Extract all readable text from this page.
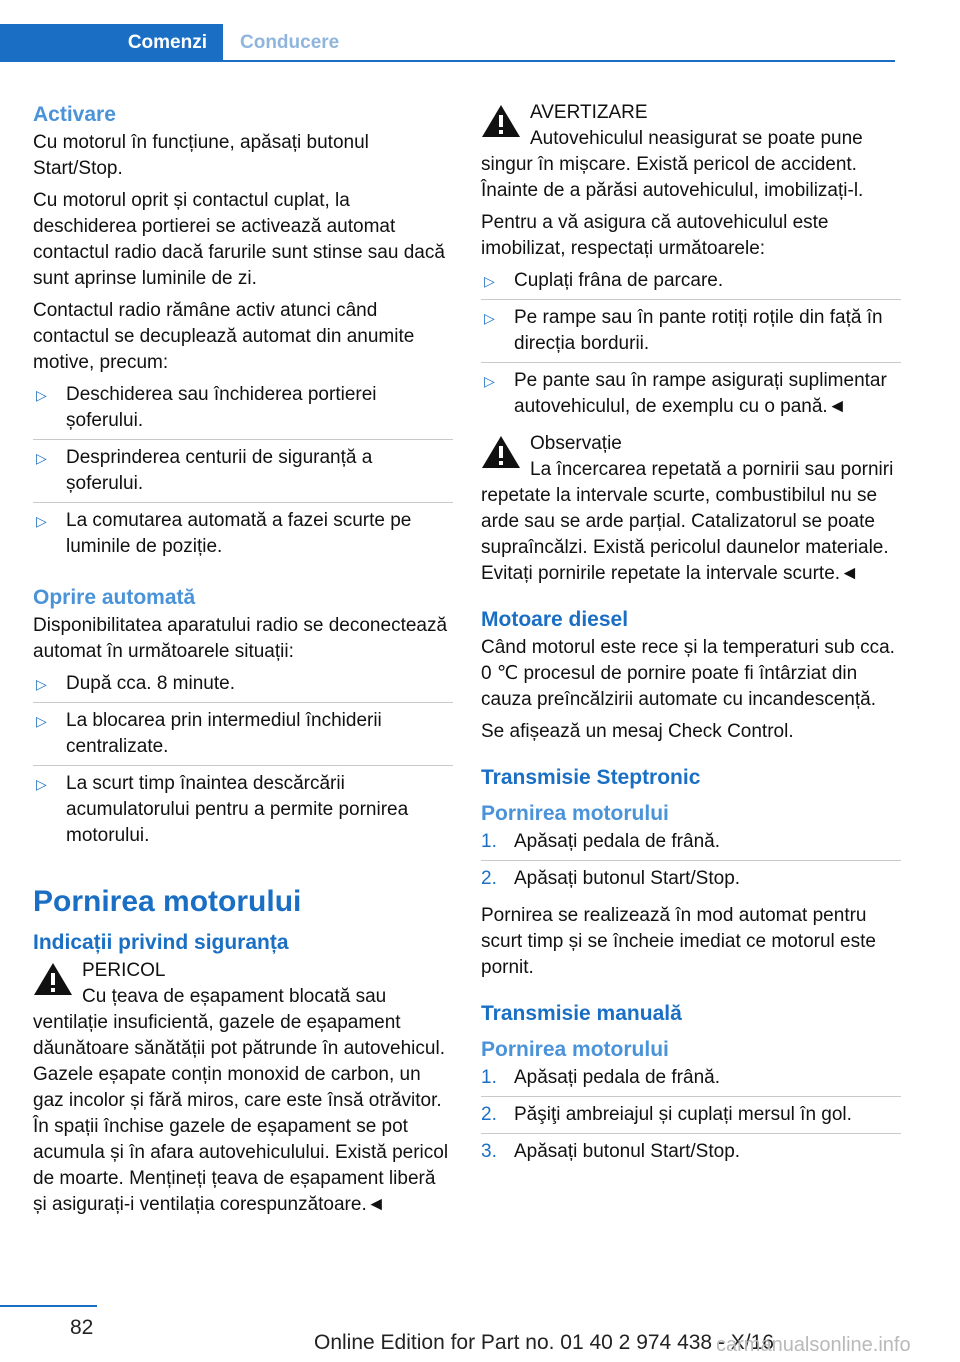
Comenzi	Conducere
Activare

Cu motorul în funcțiune, apăsați butonul Start/Stop.

Cu motorul oprit și contactul cuplat, la deschiderea portierei se activează automat contactul radio dacă farurile sunt stinse sau dacă sunt aprinse luminile de zi.

Contactul radio rămâne activ atunci când contactul se decuplează automat din anumite motive, precum:

▷ Deschiderea sau închiderea portierei șoferului.
▷ Desprinderea centurii de siguranță a șoferului.
▷ La comutarea automată a fazei scurte pe luminile de poziție.
Oprire automată

Disponibilitatea aparatului radio se deconectează automat în următoarele situații:

▷ După cca. 8 minute.
▷ La blocarea prin intermediul închiderii centralizate.
▷ La scurt timp înaintea descărcării acumulatorului pentru a permite pornirea motorului.
Pornirea motorului
Indicații privind siguranța
PERICOL
Cu țeava de eșapament blocată sau ventilație insuficientă, gazele de eșapament dăunătoare sănătății pot pătrunde în autovehicul. Gazele eșapate conțin monoxid de carbon, un gaz incolor și fără miros, care este însă otrăvitor. În spații închise gazele de eșapament se pot acumula și în afara autovehiculului. Există pericol de moarte. Mențineți țeava de eșapament liberă și asigurați-i ventilația corespunzătoare.◄
AVERTIZARE
Autovehiculul neasigurat se poate pune singur în mișcare. Există pericol de accident. Înainte de a părăsi autovehiculul, imobilizați-l.

Pentru a vă asigura că autovehiculul este imobilizat, respectați următoarele:

▷ Cuplați frâna de parcare.
▷ Pe rampe sau în pante rotiți roțile din față în direcția bordurii.
▷ Pe pante sau în rampe asigurați suplimentar autovehiculul, de exemplu cu o pană.◄
Observație
La încercarea repetată a pornirii sau porniri repetate la intervale scurte, combustibilul nu se arde sau se arde parțial. Catalizatorul se poate supraîncălzi. Există pericolul daunelor materiale. Evitați pornirile repetate la intervale scurte.◄
Motoare diesel

Când motorul este rece și la temperaturi sub cca. 0 ℃ procesul de pornire poate fi întârziat din cauza preîncălzirii automate cu incandescență.

Se afișează un mesaj Check Control.

Transmisie Steptronic
Pornirea motorului
1. Apăsați pedala de frână.
2. Apăsați butonul Start/Stop.

Pornirea se realizează în mod automat pentru scurt timp și se încheie imediat ce motorul este pornit.

Transmisie manuală
Pornirea motorului
1. Apăsați pedala de frână.
2. Păşiţi ambreiajul și cuplați mersul în gol.
3. Apăsați butonul Start/Stop.
82
Online Edition for Part no. 01 40 2 974 438 - X/16
carmanualsonline.info
